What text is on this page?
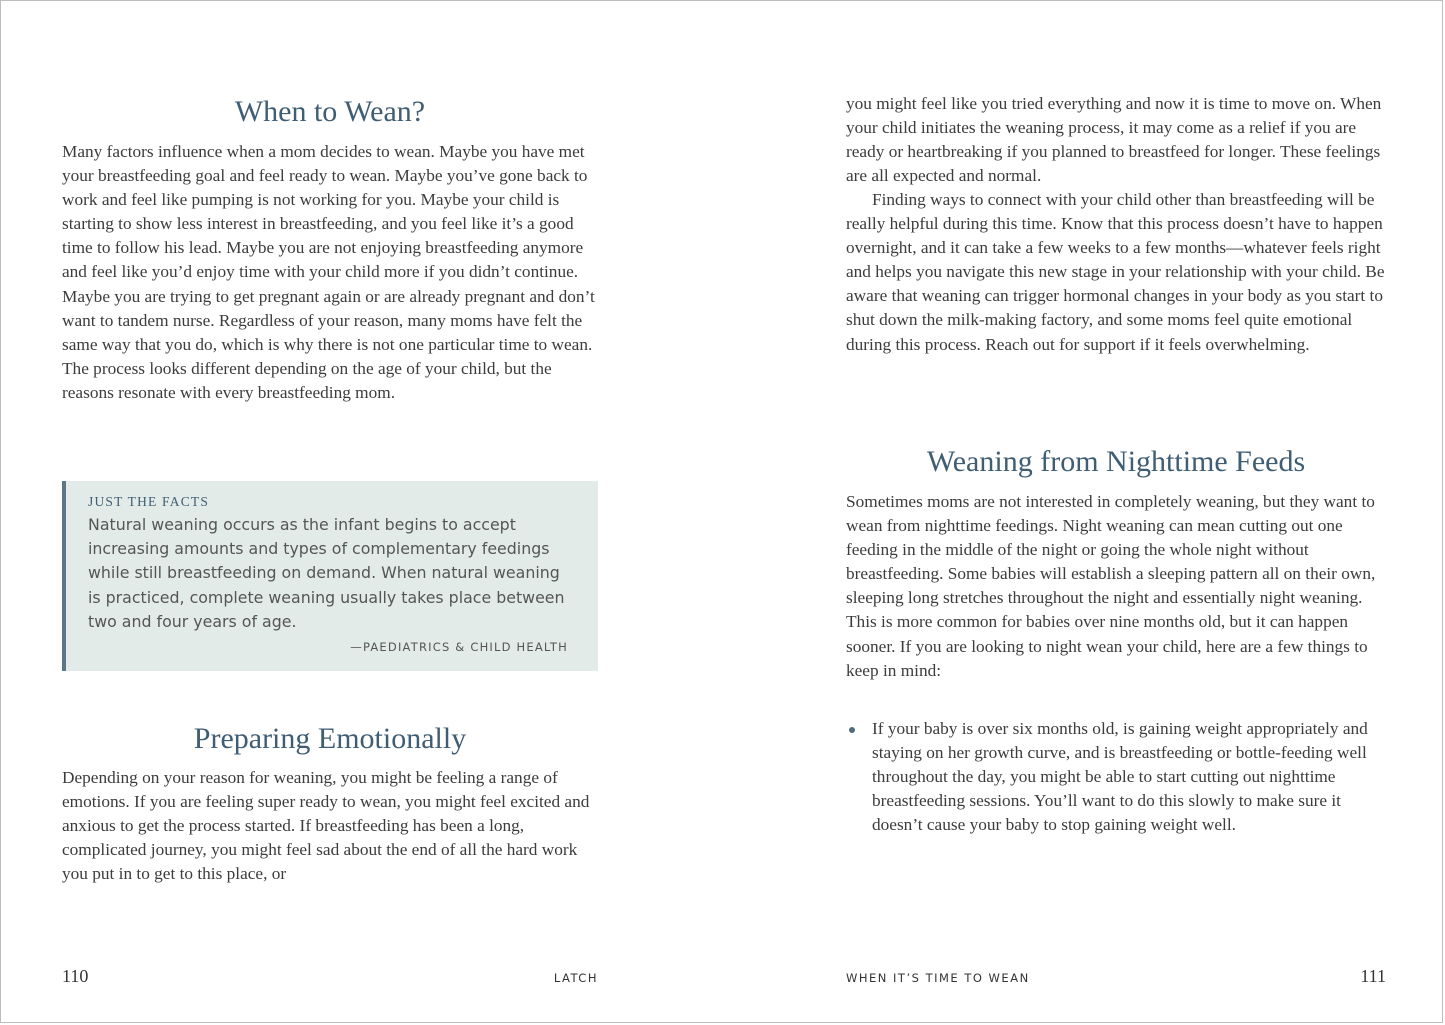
When to Wean?

Many factors influence when a mom decides to wean. Maybe you have met your breastfeeding goal and feel ready to wean. Maybe you’ve gone back to work and feel like pumping is not working for you. Maybe your child is starting to show less interest in breastfeeding, and you feel like it’s a good time to follow his lead. Maybe you are not enjoying breastfeeding anymore and feel like you’d enjoy time with your child more if you didn’t continue. Maybe you are trying to get pregnant again or are already pregnant and don’t want to tandem nurse. Regardless of your reason, many moms have felt the same way that you do, which is why there is not one particular time to wean. The process looks different depending on the age of your child, but the reasons resonate with every breastfeeding mom.

JUST THE FACTS

Natural weaning occurs as the infant begins to accept increasing amounts and types of complementary feedings while still breastfeeding on demand. When natural weaning is practiced, complete weaning usually takes place between two and four years of age.

—PAEDIATRICS & CHILD HEALTH

Preparing Emotionally

Depending on your reason for weaning, you might be feeling a range of emotions. If you are feeling super ready to wean, you might feel excited and anxious to get the process started. If breastfeeding has been a long, complicated journey, you might feel sad about the end of all the hard work you put in to get to this place, or

110	LATCH

you might feel like you tried everything and now it is time to move on. When your child initiates the weaning process, it may come as a relief if you are ready or heartbreaking if you planned to breastfeed for longer. These feelings are all expected and normal.

Finding ways to connect with your child other than breastfeeding will be really helpful during this time. Know that this process doesn’t have to happen overnight, and it can take a few weeks to a few months—whatever feels right and helps you navigate this new stage in your relationship with your child. Be aware that weaning can trigger hormonal changes in your body as you start to shut down the milk-making factory, and some moms feel quite emotional during this process. Reach out for support if it feels overwhelming.

Weaning from Nighttime Feeds

Sometimes moms are not interested in completely weaning, but they want to wean from nighttime feedings. Night weaning can mean cutting out one feeding in the middle of the night or going the whole night without breastfeeding. Some babies will establish a sleeping pattern all on their own, sleeping long stretches throughout the night and essentially night weaning. This is more common for babies over nine months old, but it can happen sooner. If you are looking to night wean your child, here are a few things to keep in mind:

If your baby is over six months old, is gaining weight appropriately and staying on her growth curve, and is breastfeeding or bottle-feeding well throughout the day, you might be able to start cutting out nighttime breastfeeding sessions. You’ll want to do this slowly to make sure it doesn’t cause your baby to stop gaining weight well.
WHEN IT’S TIME TO WEAN	111
